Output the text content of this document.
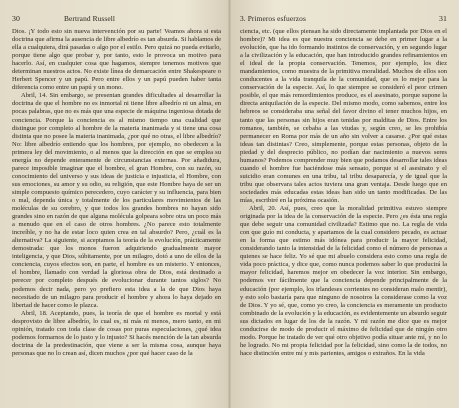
30	Bertrand Russell

Dios. ¡Y todo esto sin nueva intervención por su parte! Veamos ahora si esta doctrina que afirma la ausencia de libre albedrío es tan absurda. Si hablamos de ella a cualquiera, dirá pasadas o algo por el estilo. Pero quizá no pueda evitarlo, porque tiene algo que probar y, por tanto, esto le provoca un motivo para hacerlo. Así, en cualquier cosa que hagamos, siempre tenemos motivos que determinan nuestros actos. No existe línea de demarcación entre Shakespeare o Herbert Spencer y un papú. Pero entre ellos y un papú pueden haber tanta diferencia como entre un papú y un mono.

Abril, 14. Sin embargo, se presentan grandes dificultades al desarrollar la doctrina de que el hombre no es inmortal ni tiene libre albedrío ni un alma, en pocas palabras, que no es más que una especie de máquina ingeniosa dotada de conciencia. Porque la conciencia es al mismo tiempo una cualidad que distingue por completo al hombre de la materia inanimada y si tiene una cosa distinta que no posee la materia inanimada, ¿por qué no otras, el libre albedrío? No: libre albedrío entiendo que los hombres, por ejemplo, no obedecen a la primera ley del movimiento, o al menos que la dirección en que se emplea su energía no depende enteramente de circunstancias externas. Por añadidura, parece imposible imaginar que el hombre, el gran Hombre, con su razón, su conocimiento del universo y sus ideas de justicia e injusticia, el Hombre, con sus emociones, su amor y su odio, su religión, que este Hombre haya de ser un simple compuesto químico perecedero, cuyo carácter y su influencia, para bien o mal, dependa única y totalmente de los particulares movimientos de las moléculas de su cerebro, y que todos los grandes hombres no hayan sido grandes sino en razón de que alguna molécula golpeara sobre otra un poco más a menudo que en el caso de otros hombres. ¿No parece esto totalmente increíble, y no ha de estar loco quien crea en tal absurdo? Pero, ¿cuál es la alternativa? La siguiente, si aceptamos la teoría de la evolución, prácticamente demostrada: que los monos fueron adquiriendo gradualmente mayor inteligencia, y que Dios, súbitamente, por un milagro, dotó a uno de ellos de la conciencia, cuyos efectos son, en parte, el hombre es un misterio. Y entonces, el hombre, llamado con verdad la gloriosa obra de Dios, está destinado a perecer por completo después de evolucionar durante tantos siglos? No podemos decir nada, pero yo prefiero esta idea a la de que Dios haya necesitado de un milagro para producir el hombre y ahora lo haya dejado en libertad de hacer como le plazca.

Abril, 18. Aceptando, pues, la teoría de que el hombre es mortal y está desprovisto de libre albedrío, lo cual es, ni más ni menos, mero tanto, en mi opinión, tratado con toda clase de cosas por puras especulaciones, ¿qué idea podemos formarnos de lo justo y lo injusto? Si hacés mención de la tan absurda doctrina de la predestinación, que viene a ser la misma cosa, aunque haya personas que no lo crean así, dicen muchos ¿por qué hacer caso de la

3. Primeros esfuerzos	31

ciencia, etc. (que ellos piensan ha sido directamente implantada por Dios en el hombre)? Mi idea es que nuestra conciencia se debe en primer lugar a la evolución, que ha ido formando instintos de conservación, y en segundo lugar a la civilización y la educación, que han introducido grandes refinamientos en el ideal de la propia conservación. Tenemos, por ejemplo, los diez mandamientos, como muestra de la primitiva moralidad. Muchos de ellos son conducentes a la vida tranquila de la comunidad, que es lo mejor para la conservación de la especie. Así, lo que siempre se consideró el peor crimen posible, el que más remordimientos produce, es el asesinato, porque supone la directa aniquilación de la especie. Del mismo modo, como sabemos, entre los hebreos se consideraba una señal del favor divino el tener muchos hijos, en tanto que las personas sin hijos eran tenidas por malditas de Dios. Entre los romanos, también, se cebaba a las viudas y, según creo, se les prohibía permanecer en Roma por más de un año sin volver a casarse. ¿Por qué estas ideas tan distintas? Creo, simplemente, porque estas personas, objeto de la piedad y del desprecio público, no podían dar nacimiento a nuevos seres humanos? Podemos comprender muy bien que podamos desarrollar tales ideas cuando el hombre fue haciéndose más sensato, porque si el asesinato y el suicidio eran comunes en una tribu, tal tribu desaparecía, y de igual que la tribu que observara tales actos tuviera una gran ventaja. Desde luego que en sociedades más educadas estas ideas han sido un tanto modificadas. De las mías, escribiré en la próxima ocasión.

Abril, 20. Así, pues, creo que la moralidad primitiva estuvo siempre originada por la idea de la conservación de la especie. Pero ¿es ésta una regla que debe seguir una comunidad civilizada? Estimo que no. La regla de vida con que guío mi conducta, y apartamos de la cual considero pecado, es actuar en la forma que estimo más idónea para producir la mayor felicidad, considerando tanto la intensidad de la felicidad como el número de personas a quienes se hace feliz. Yo sé que mi abuelo considera esto como una regla de vida poco práctica, y dice que, como nunca podemos saber lo que producirá la mayor felicidad, haremos mejor en obedecer la voz interior. Sin embargo, podemos ver fácilmente que la conciencia depende principalmente de la educación (por ejemplo, los irlandeses corrientes no consideran malo mentir), y esto solo bastaría para que ninguno de nosotros la considerase como la voz de Dios. Y yo sé, que, como yo creo, la conciencia es meramente un producto combinado de la evolución y la educación, es evidentemente un absurdo seguir sus dictados en lugar de los de la razón. Y mi razón me dice que es mejor conducirse de modo de producir el máximo de felicidad que de ningún otro modo. Porque he tratado de ver qué otro objetivo podía situar ante mí, y no lo he logrado. No mi propia felicidad por la felicidad, sino como la de todos, no hace distinción entre mí y mis parientes, amigos o extraños. En la vida
